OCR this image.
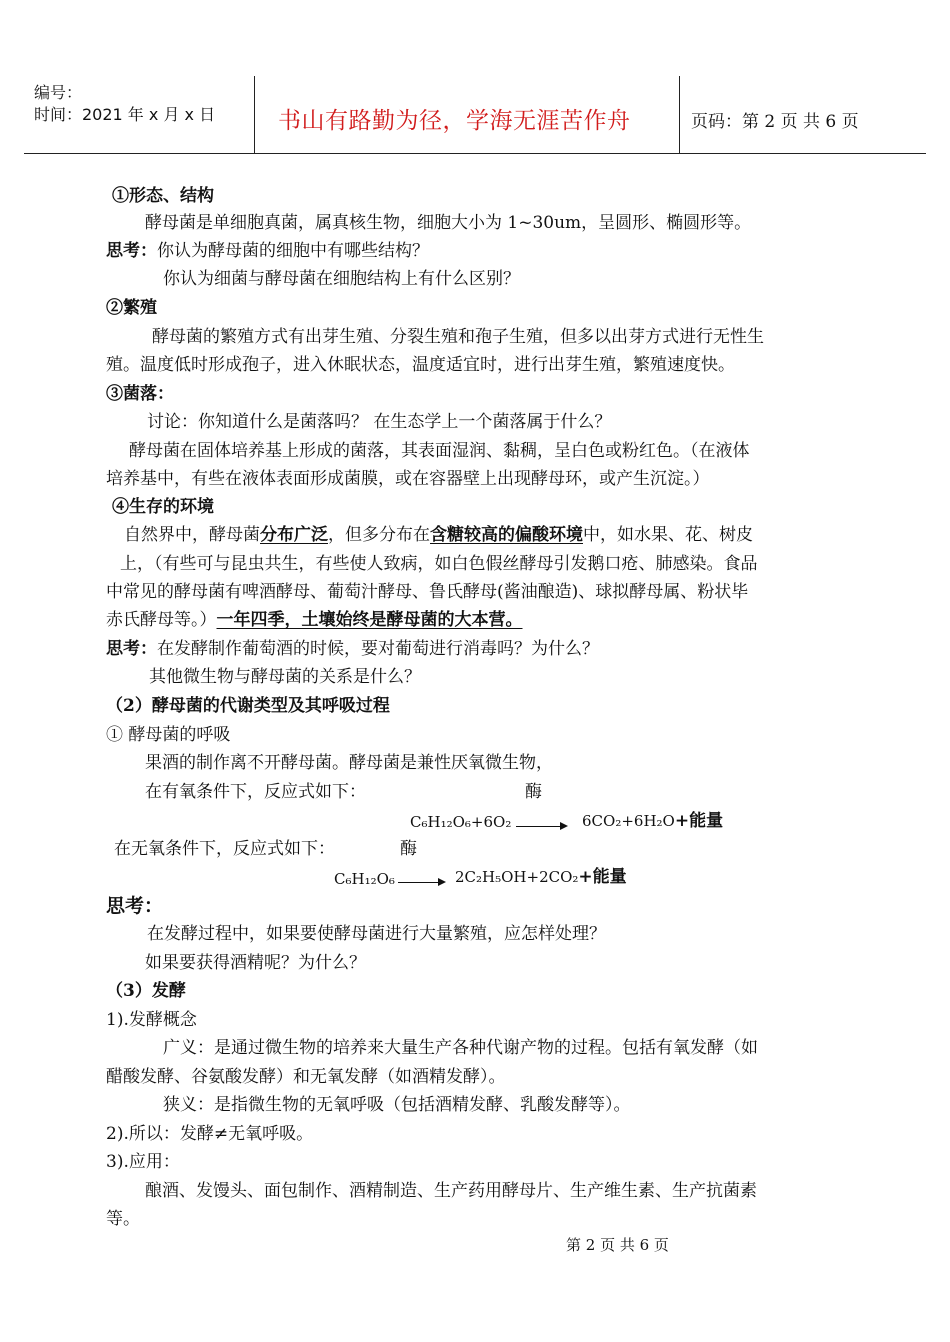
编号：
时间：2021 年 x 月 x 日	书山有路勤为径，学海无涯苦作舟	页码：第 2 页 共 6 页
①形态、结构
酵母菌是单细胞真菌，属真核生物，细胞大小为 1~30um，呈圆形、椭圆形等。
思考：你认为酵母菌的细胞中有哪些结构？
你认为细菌与酵母菌在细胞结构上有什么区别？
②繁殖
酵母菌的繁殖方式有出芽生殖、分裂生殖和孢子生殖，但多以出芽方式进行无性生
殖。温度低时形成孢子，进入休眠状态，温度适宜时，进行出芽生殖，繁殖速度快。
③菌落：
讨论：你知道什么是菌落吗？ 在生态学上一个菌落属于什么？
酵母菌在固体培养基上形成的菌落，其表面湿润、黏稠，呈白色或粉红色。（在液体
培养基中，有些在液体表面形成菌膜，或在容器壁上出现酵母环，或产生沉淀。）
④生存的环境
自然界中，酵母菌分布广泛，但多分布在含糖较高的偏酸环境中，如水果、花、树皮
上，（有些可与昆虫共生，有些使人致病，如白色假丝酵母引发鹅口疮、肺感染。食品
中常见的酵母菌有啤酒酵母、葡萄汁酵母、鲁氏酵母(酱油酿造)、球拟酵母属、粉状毕
赤氏酵母等。）一年四季，土壤始终是酵母菌的大本营。
思考：在发酵制作葡萄酒的时候，要对葡萄进行消毒吗？为什么？
其他微生物与酵母菌的关系是什么？
（2）酵母菌的代谢类型及其呼吸过程
① 酵母菌的呼吸
果酒的制作离不开酵母菌。酵母菌是兼性厌氧微生物，
在有氧条件下，反应式如下：	酶
C₆H₁₂O₆+6O₂ → 6CO₂+6H₂O+能量
在无氧条件下，反应式如下：	酶
C₆H₁₂O₆ → 2C₂H₅OH+2CO₂+能量
思考：
在发酵过程中，如果要使酵母菌进行大量繁殖，应怎样处理？
如果要获得酒精呢？为什么？
（3）发酵
1).发酵概念
广义：是通过微生物的培养来大量生产各种代谢产物的过程。包括有氧发酵（如
醋酸发酵、谷氨酸发酵）和无氧发酵（如酒精发酵）。
狭义：是指微生物的无氧呼吸（包括酒精发酵、乳酸发酵等）。
2).所以：发酵≠无氧呼吸。
3).应用：
酿酒、发馒头、面包制作、酒精制造、生产药用酵母片、生产维生素、生产抗菌素
等。
第 2 页 共 6 页
